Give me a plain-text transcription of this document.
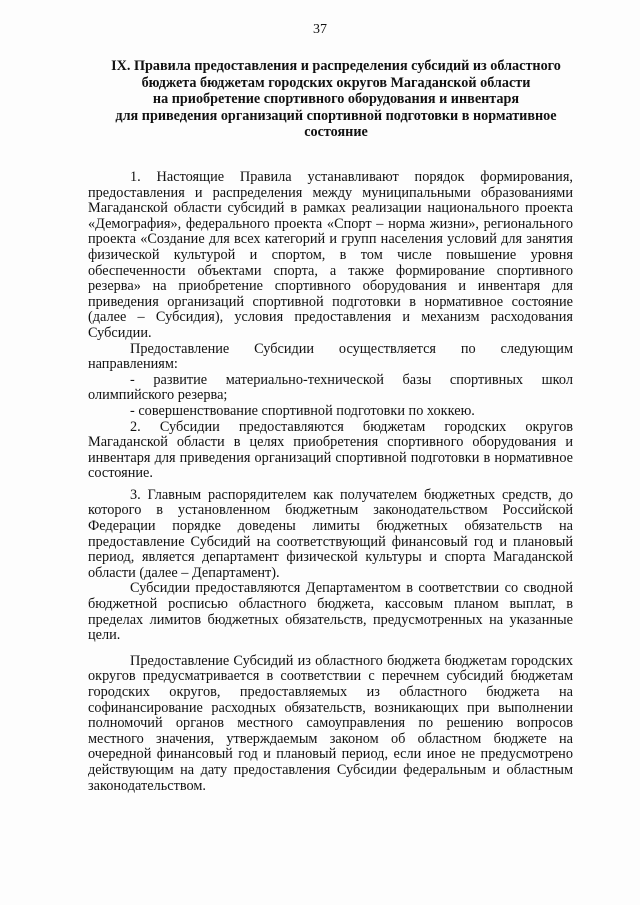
37
IX. Правила предоставления и распределения субсидий из областного
бюджета бюджетам городских округов Магаданской области
на приобретение спортивного оборудования и инвентаря
для приведения организаций спортивной подготовки в нормативное
состояние

1. Настоящие Правила устанавливают порядок формирования, предоставления и распределения между муниципальными образованиями Магаданской области субсидий в рамках реализации национального проекта «Демография», федерального проекта «Спорт – норма жизни», регионального проекта «Создание для всех категорий и групп населения условий для занятия физической культурой и спортом, в том числе повышение уровня обеспеченности объектами спорта, а также формирование спортивного резерва» на приобретение спортивного оборудования и инвентаря для приведения организаций спортивной подготовки в нормативное состояние (далее – Субсидия), условия предоставления и механизм расходования Субсидии.

Предоставление Субсидии осуществляется по следующим направлениям:

- развитие материально-технической базы спортивных школ олимпийского резерва;

- совершенствование спортивной подготовки по хоккею.

2. Субсидии предоставляются бюджетам городских округов Магаданской области в целях приобретения спортивного оборудования и инвентаря для приведения организаций спортивной подготовки в нормативное состояние.

3. Главным распорядителем как получателем бюджетных средств, до которого в установленном бюджетным законодательством Российской Федерации порядке доведены лимиты бюджетных обязательств на предоставление Субсидий на соответствующий финансовый год и плановый период, является департамент физической культуры и спорта Магаданской области (далее – Департамент).

Субсидии предоставляются Департаментом в соответствии со сводной бюджетной росписью областного бюджета, кассовым планом выплат, в пределах лимитов бюджетных обязательств, предусмотренных на указанные цели.

Предоставление Субсидий из областного бюджета бюджетам городских округов предусматривается в соответствии с перечнем субсидий бюджетам городских округов, предоставляемых из областного бюджета на софинансирование расходных обязательств, возникающих при выполнении полномочий органов местного самоуправления по решению вопросов местного значения, утверждаемым законом об областном бюджете на очередной финансовый год и плановый период, если иное не предусмотрено действующим на дату предоставления Субсидии федеральным и областным законодательством.
